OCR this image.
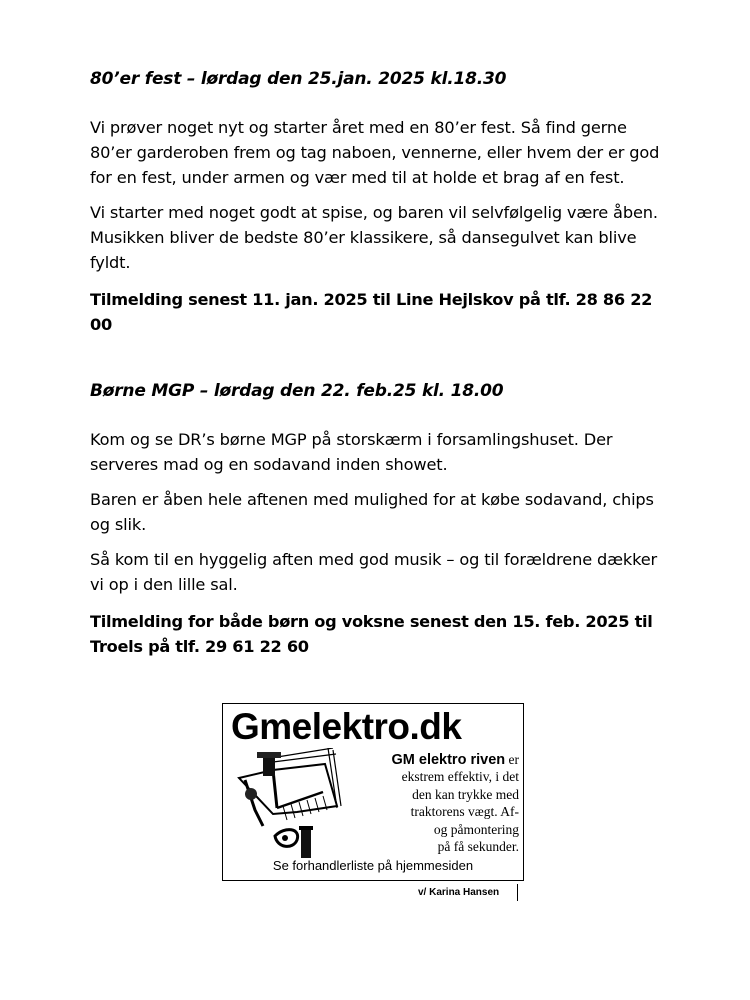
80’er fest – lørdag den 25.jan. 2025 kl.18.30

Vi prøver noget nyt og starter året med en 80’er fest. Så find gerne 80’er garderoben frem og tag naboen, vennerne, eller hvem der er god for en fest, under armen og vær med til at holde et brag af en fest.

Vi starter med noget godt at spise, og baren vil selvfølgelig være åben. Musikken bliver de bedste 80’er klassikere, så dansegulvet kan blive fyldt.

Tilmelding senest 11. jan. 2025 til Line Hejlskov på tlf. 28 86 22 00

Børne MGP – lørdag den 22. feb.25 kl. 18.00

Kom og se DR’s børne MGP på storskærm i forsamlingshuset. Der serveres mad og en sodavand inden showet.

Baren er åben hele aftenen med mulighed for at købe sodavand, chips og slik.

Så kom til en hyggelig aften med god musik – og til forældrene dækker vi op i den lille sal.

Tilmelding for både børn og voksne senest den 15. feb. 2025 til Troels på tlf. 29 61 22 60

Gmelektro.dk
GM elektro riven er
ekstrem effektiv, i det
den kan trykke med
traktorens vægt. Af-
og påmontering
på få sekunder.
Se forhandlerliste på hjemmesiden
v/ Karina Hansen
